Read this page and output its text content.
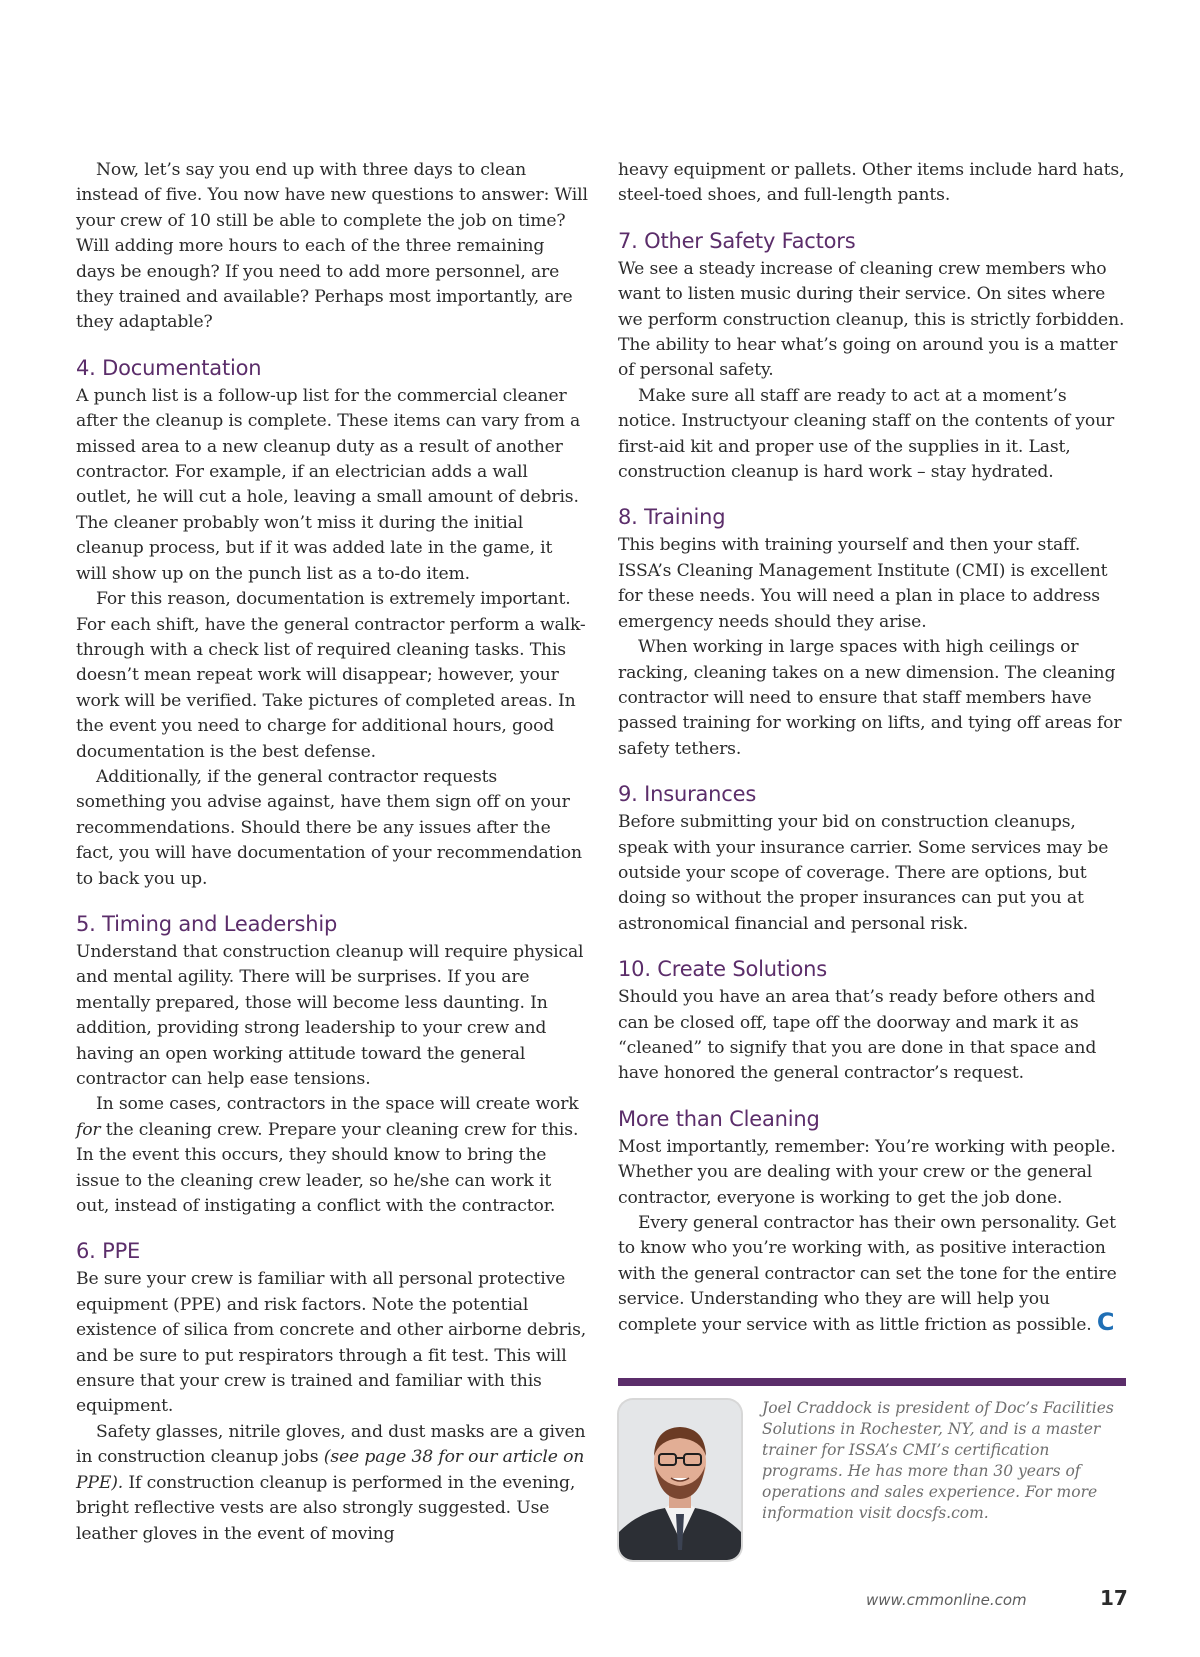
Now, let’s say you end up with three days to clean instead of five. You now have new questions to answer: Will your crew of 10 still be able to complete the job on time? Will adding more hours to each of the three remaining days be enough? If you need to add more personnel, are they trained and available? Perhaps most importantly, are they adaptable?

4. Documentation

A punch list is a follow-up list for the commercial cleaner after the cleanup is complete. These items can vary from a missed area to a new cleanup duty as a result of another contractor. For example, if an electrician adds a wall outlet, he will cut a hole, leaving a small amount of debris. The cleaner probably won’t miss it during the initial cleanup process, but if it was added late in the game, it will show up on the punch list as a to-do item.

For this reason, documentation is extremely important. For each shift, have the general contractor perform a walk-through with a check list of required cleaning tasks. This doesn’t mean repeat work will disappear; however, your work will be verified. Take pictures of completed areas. In the event you need to charge for additional hours, good documentation is the best defense.

Additionally, if the general contractor requests something you advise against, have them sign off on your recommendations. Should there be any issues after the fact, you will have documentation of your recommendation to back you up.

5. Timing and Leadership

Understand that construction cleanup will require physical and mental agility. There will be surprises. If you are mentally prepared, those will become less daunting. In addition, providing strong leadership to your crew and having an open working attitude toward the general contractor can help ease tensions.

In some cases, contractors in the space will create work for the cleaning crew. Prepare your cleaning crew for this. In the event this occurs, they should know to bring the issue to the cleaning crew leader, so he/she can work it out, instead of instigating a conflict with the contractor.

6. PPE

Be sure your crew is familiar with all personal protective equipment (PPE) and risk factors. Note the potential existence of silica from concrete and other airborne debris, and be sure to put respirators through a fit test. This will ensure that your crew is trained and familiar with this equipment.

Safety glasses, nitrile gloves, and dust masks are a given in construction cleanup jobs (see page 38 for our article on PPE). If construction cleanup is performed in the evening, bright reflective vests are also strongly suggested. Use leather gloves in the event of moving

heavy equipment or pallets. Other items include hard hats, steel-toed shoes, and full-length pants.

7. Other Safety Factors

We see a steady increase of cleaning crew members who want to listen music during their service. On sites where we perform construction cleanup, this is strictly forbidden. The ability to hear what’s going on around you is a matter of personal safety.

Make sure all staff are ready to act at a moment’s notice. Instructyour cleaning staff on the contents of your first-aid kit and proper use of the supplies in it. Last, construction cleanup is hard work – stay hydrated.

8. Training

This begins with training yourself and then your staff. ISSA’s Cleaning Management Institute (CMI) is excellent for these needs. You will need a plan in place to address emergency needs should they arise.

When working in large spaces with high ceilings or racking, cleaning takes on a new dimension. The cleaning contractor will need to ensure that staff members have passed training for working on lifts, and tying off areas for safety tethers.

9. Insurances

Before submitting your bid on construction cleanups, speak with your insurance carrier. Some services may be outside your scope of coverage. There are options, but doing so without the proper insurances can put you at astronomical financial and personal risk.

10. Create Solutions

Should you have an area that’s ready before others and can be closed off, tape off the doorway and mark it as “cleaned” to signify that you are done in that space and have honored the general contractor’s request.

More than Cleaning

Most importantly, remember: You’re working with people. Whether you are dealing with your crew or the general contractor, everyone is working to get the job done.

Every general contractor has their own personality. Get to know who you’re working with, as positive interaction with the general contractor can set the tone for the entire service. Understanding who they are will help you complete your service with as little friction as possible. C

Joel Craddock is president of Doc’s Facilities Solutions in Rochester, NY, and is a master trainer for ISSA’s CMI’s certification programs. He has more than 30 years of operations and sales experience. For more information visit docsfs.com.
www.cmmonline.com	17
